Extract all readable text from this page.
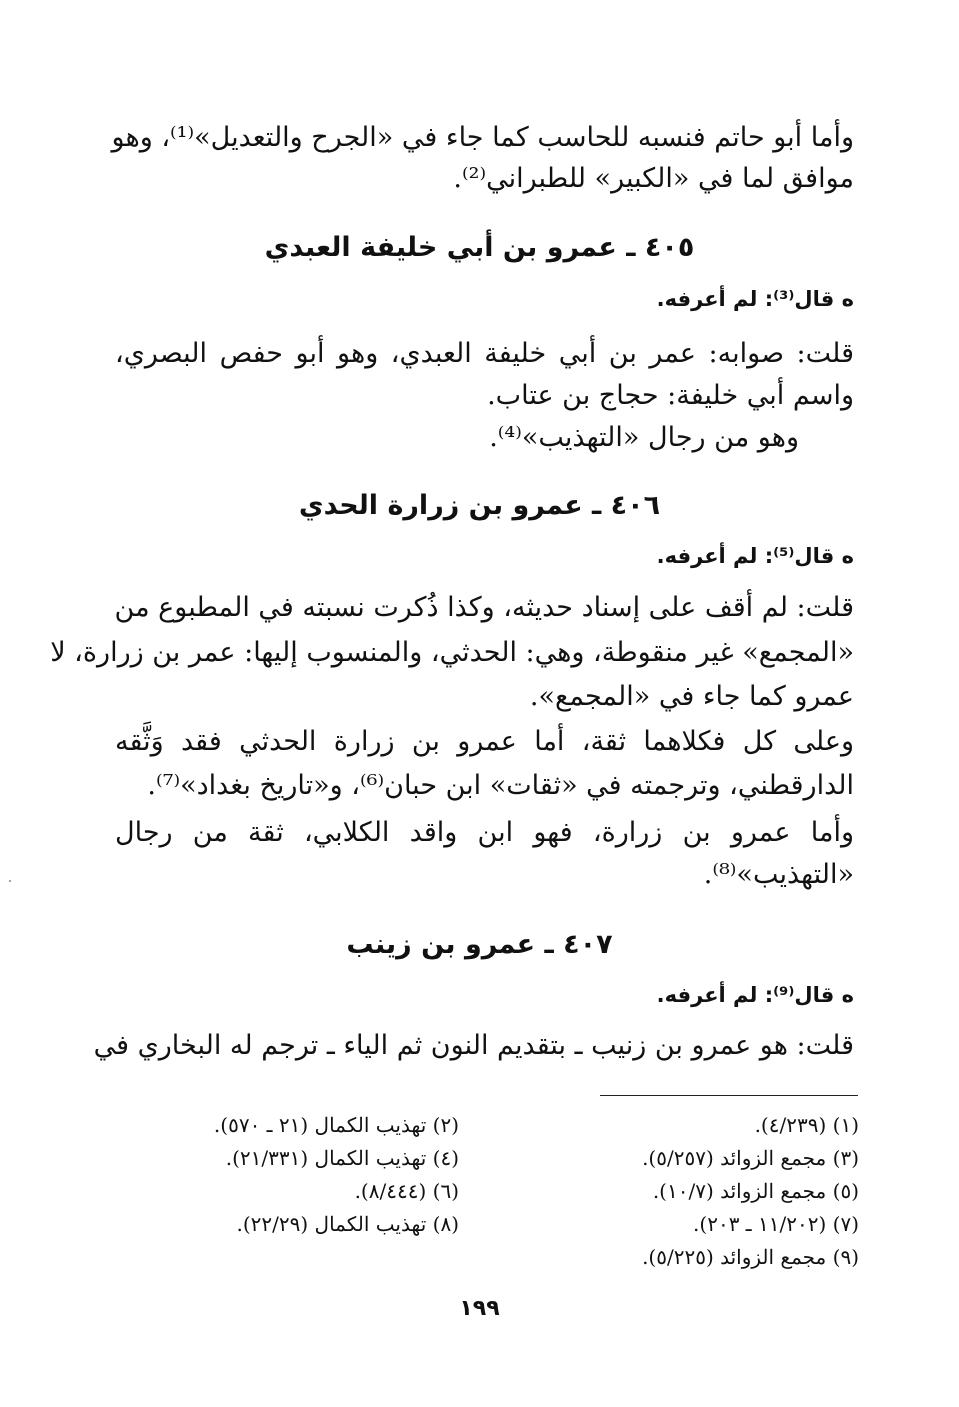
وأما أبو حاتم فنسبه للحاسب كما جاء في «الجرح والتعديل»⁽¹⁾، وهو
موافق لما في «الكبير» للطبراني⁽²⁾.
٤٠٥ ـ عمرو بن أبي خليفة العبدي
ە قال⁽³⁾: لم أعرفه.
قلت: صوابه: عمر بن أبي خليفة العبدي، وهو أبو حفص البصري،
واسم أبي خليفة: حجاج بن عتاب.
وهو من رجال «التهذيب»⁽⁴⁾.
٤٠٦ ـ عمرو بن زرارة الحدي
ە قال⁽⁵⁾: لم أعرفه.
قلت: لم أقف على إسناد حديثه، وكذا ذُكرت نسبته في المطبوع من
«المجمع» غير منقوطة، وهي: الحدثي، والمنسوب إليها: عمر بن زرارة، لا
عمرو كما جاء في «المجمع».
وعلى كل فكلاهما ثقة، أما عمرو بن زرارة الحدثي فقد وَثَّقه
الدارقطني، وترجمته في «ثقات» ابن حبان⁽⁶⁾، و«تاريخ بغداد»⁽⁷⁾.
وأما عمرو بن زرارة، فهو ابن واقد الكلابي، ثقة من رجال
«التهذيب»⁽⁸⁾.
٤٠٧ ـ عمرو بن زينب
ە قال⁽⁹⁾: لم أعرفه.
قلت: هو عمرو بن زنيب ـ بتقديم النون ثم الياء ـ ترجم له البخاري في
(١) (٤/٢٣٩).
(٣) مجمع الزوائد (٥/٢٥٧).
(٥) مجمع الزوائد (١٠/٧).
(٧) (١١/٢٠٢ ـ ٢٠٣).
(٩) مجمع الزوائد (٥/٢٢٥).
(٢) تهذيب الكمال (٢١ ـ ٥٧٠).
(٤) تهذيب الكمال (٢١/٣٣١).
(٦) (٨/٤٤٤).
(٨) تهذيب الكمال (٢٢/٢٩).
١٩٩
